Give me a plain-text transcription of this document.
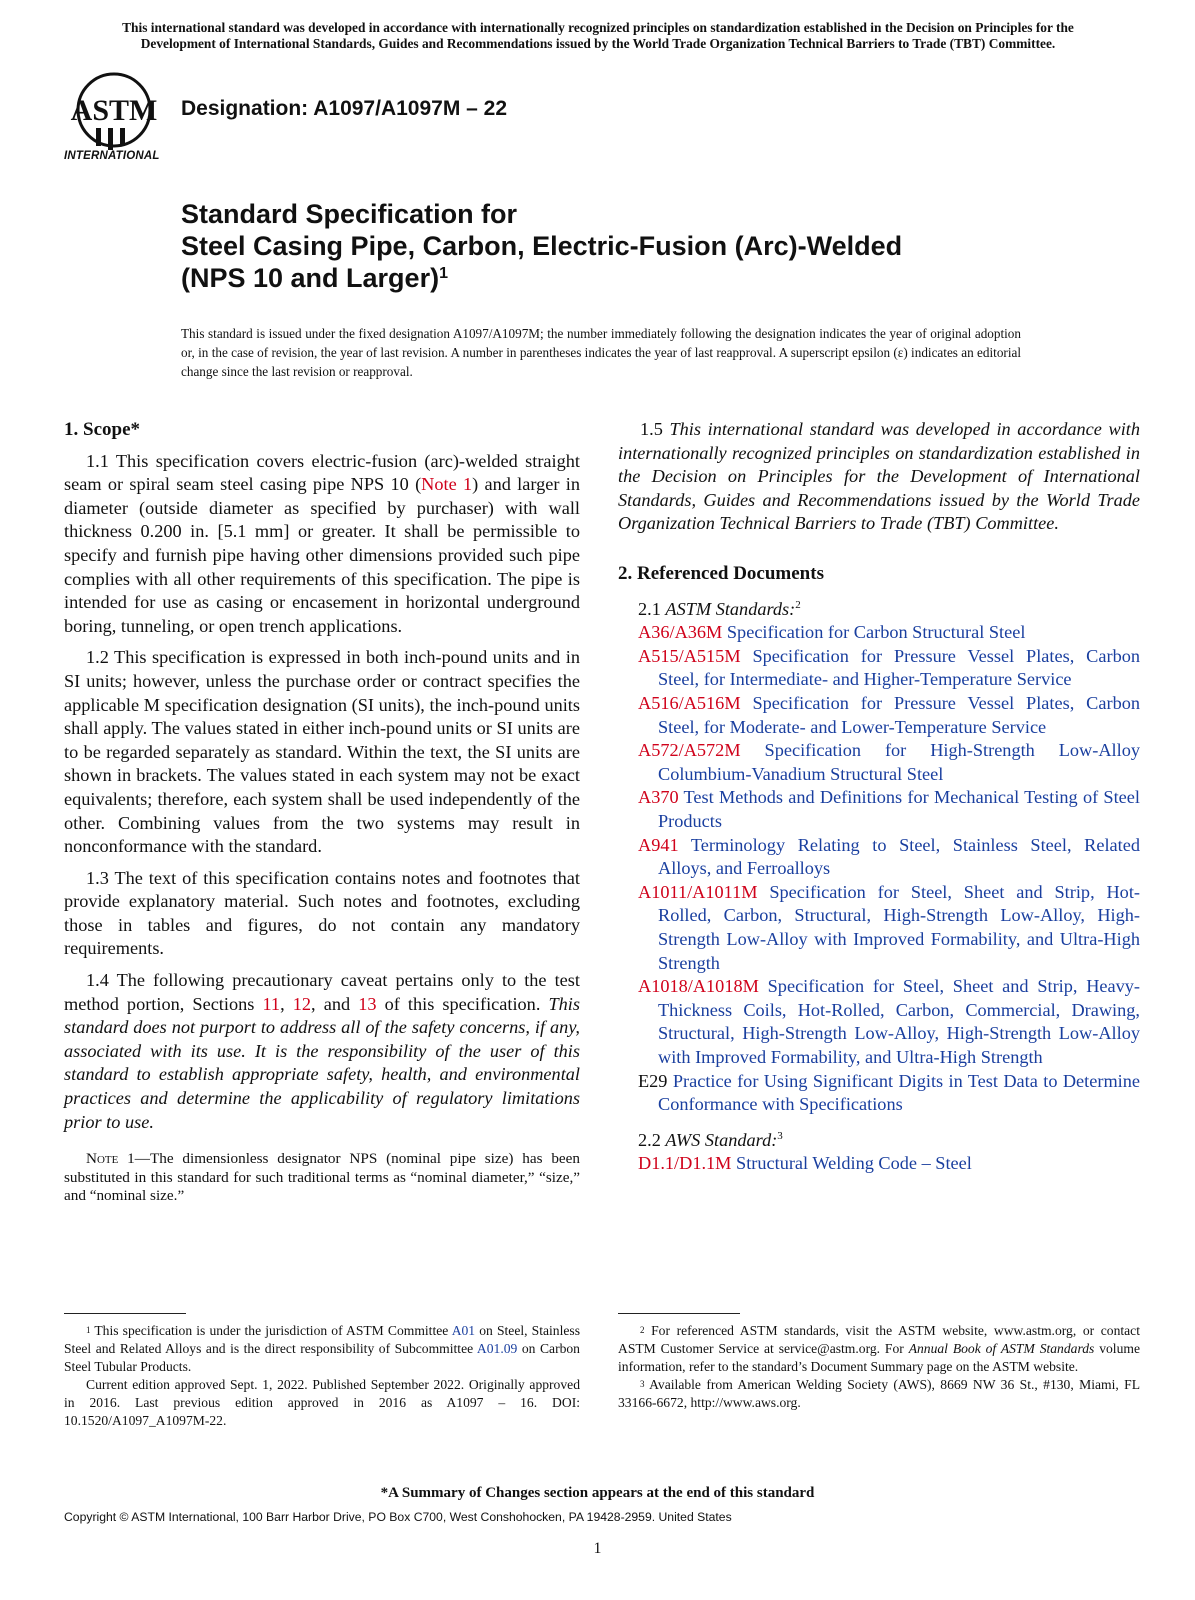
This international standard was developed in accordance with internationally recognized principles on standardization established in the Decision on Principles for the
Development of International Standards, Guides and Recommendations issued by the World Trade Organization Technical Barriers to Trade (TBT) Committee.
ASTM
INTERNATIONAL
Designation: A1097/A1097M – 22
Standard Specification for
Steel Casing Pipe, Carbon, Electric-Fusion (Arc)-Welded
(NPS 10 and Larger)$^1$
This standard is issued under the fixed designation A1097/A1097M; the number immediately following the designation indicates the year of original adoption or, in the case of revision, the year of last revision. A number in parentheses indicates the year of last reapproval. A superscript epsilon (ε) indicates an editorial change since the last revision or reapproval.

1. Scope*

1.1 This specification covers electric-fusion (arc)-welded straight seam or spiral seam steel casing pipe NPS 10 (Note 1) and larger in diameter (outside diameter as specified by purchaser) with wall thickness 0.200 in. [5.1 mm] or greater. It shall be permissible to specify and furnish pipe having other dimensions provided such pipe complies with all other requirements of this specification. The pipe is intended for use as casing or encasement in horizontal underground boring, tunneling, or open trench applications.

1.2 This specification is expressed in both inch-pound units and in SI units; however, unless the purchase order or contract specifies the applicable M specification designation (SI units), the inch-pound units shall apply. The values stated in either inch-pound units or SI units are to be regarded separately as standard. Within the text, the SI units are shown in brackets. The values stated in each system may not be exact equivalents; therefore, each system shall be used independently of the other. Combining values from the two systems may result in nonconformance with the standard.

1.3 The text of this specification contains notes and footnotes that provide explanatory material. Such notes and footnotes, excluding those in tables and figures, do not contain any mandatory requirements.

1.4 The following precautionary caveat pertains only to the test method portion, Sections 11, 12, and 13 of this specification. This standard does not purport to address all of the safety concerns, if any, associated with its use. It is the responsibility of the user of this standard to establish appropriate safety, health, and environmental practices and determine the applicability of regulatory limitations prior to use.

Note 1—The dimensionless designator NPS (nominal pipe size) has been substituted in this standard for such traditional terms as “nominal diameter,” “size,” and “nominal size.”

1.5 This international standard was developed in accordance with internationally recognized principles on standardization established in the Decision on Principles for the Development of International Standards, Guides and Recommendations issued by the World Trade Organization Technical Barriers to Trade (TBT) Committee.

2. Referenced Documents

2.1 ASTM Standards:$^2$

A36/A36M Specification for Carbon Structural Steel

A515/A515M Specification for Pressure Vessel Plates, Carbon Steel, for Intermediate- and Higher-Temperature Service

A516/A516M Specification for Pressure Vessel Plates, Carbon Steel, for Moderate- and Lower-Temperature Service

A572/A572M Specification for High-Strength Low-Alloy Columbium-Vanadium Structural Steel

A370 Test Methods and Definitions for Mechanical Testing of Steel Products

A941 Terminology Relating to Steel, Stainless Steel, Related Alloys, and Ferroalloys

A1011/A1011M Specification for Steel, Sheet and Strip, Hot-Rolled, Carbon, Structural, High-Strength Low-Alloy, High-Strength Low-Alloy with Improved Formability, and Ultra-High Strength

A1018/A1018M Specification for Steel, Sheet and Strip, Heavy-Thickness Coils, Hot-Rolled, Carbon, Commercial, Drawing, Structural, High-Strength Low-Alloy, High-Strength Low-Alloy with Improved Formability, and Ultra-High Strength

E29 Practice for Using Significant Digits in Test Data to Determine Conformance with Specifications

2.2 AWS Standard:$^3$

D1.1/D1.1M Structural Welding Code – Steel

$^1$ This specification is under the jurisdiction of ASTM Committee A01 on Steel, Stainless Steel and Related Alloys and is the direct responsibility of Subcommittee A01.09 on Carbon Steel Tubular Products.

Current edition approved Sept. 1, 2022. Published September 2022. Originally approved in 2016. Last previous edition approved in 2016 as A1097 – 16. DOI: 10.1520/A1097_A1097M-22.

$^2$ For referenced ASTM standards, visit the ASTM website, www.astm.org, or contact ASTM Customer Service at service@astm.org. For Annual Book of ASTM Standards volume information, refer to the standard’s Document Summary page on the ASTM website.

$^3$ Available from American Welding Society (AWS), 8669 NW 36 St., #130, Miami, FL 33166-6672, http://www.aws.org.

*A Summary of Changes section appears at the end of this standard
Copyright © ASTM International, 100 Barr Harbor Drive, PO Box C700, West Conshohocken, PA 19428-2959. United States
1
